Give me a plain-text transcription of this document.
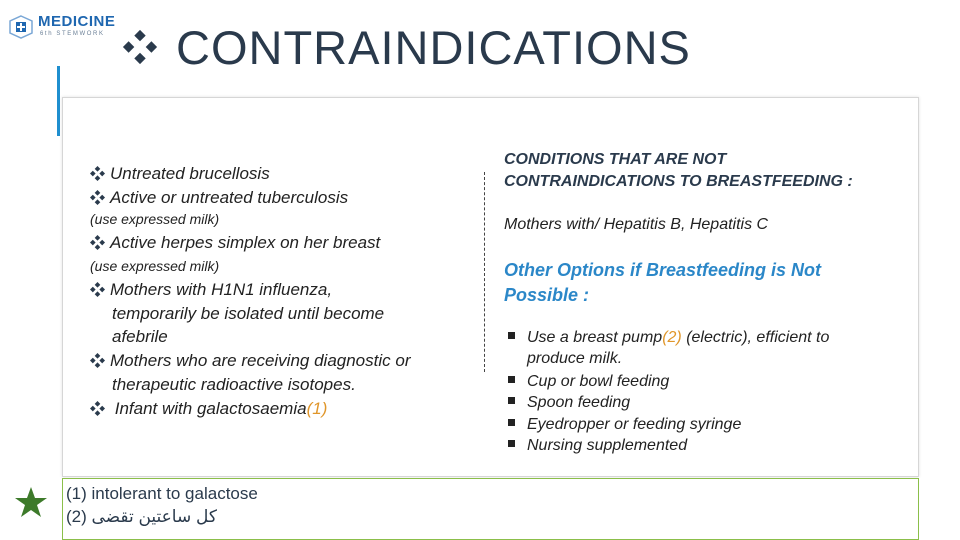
MEDICINE
6th STEMWORK CONTRAINDICATIONS
Untreated brucellosis
Active or untreated tuberculosis
(use expressed milk)
Active herpes simplex on her breast
(use expressed milk)
Mothers with H1N1 influenza,
temporarily be isolated until become
afebrile
Mothers who are receiving diagnostic or
therapeutic radioactive isotopes.
Infant with galactosaemia(1)
CONDITIONS THAT ARE NOT
CONTRAINDICATIONS TO BREASTFEEDING :
Mothers with/ Hepatitis B, Hepatitis C
Other Options if Breastfeeding is Not
Possible :
Use a breast pump(2) (electric), efficient to
produce milk.
Cup or bowl feeding
Spoon feeding
Eyedropper or feeding syringe
Nursing supplemented
(1) intolerant to galactose
(2) كل ساعتين تقضى
